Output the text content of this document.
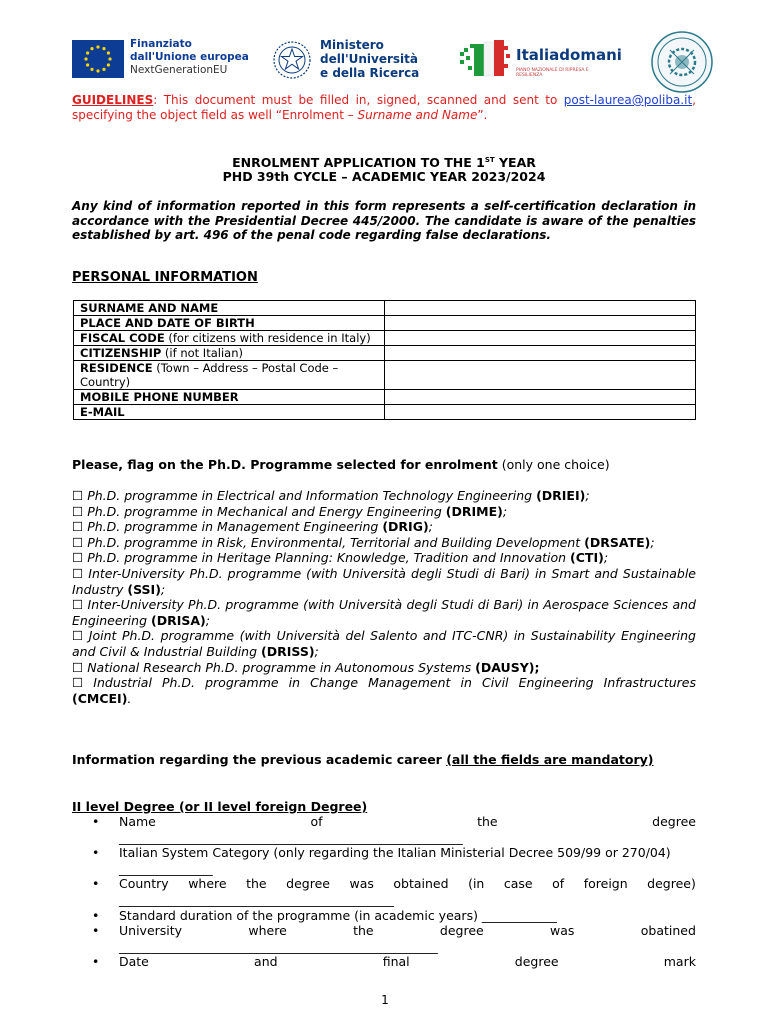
Finanziato
dall'Unione europea
NextGenerationEU
Ministero
dell'Università
e della Ricerca
Italiadomani
PIANO NAZIONALE DI RIPRESA E RESILIENZA
GUIDELINES: This document must be filled in, signed, scanned and sent to post-laurea@poliba.it, specifying the object field as well “Enrolment – Surname and Name”.
ENROLMENT APPLICATION TO THE 1ST YEAR
PHD 39th CYCLE – ACADEMIC YEAR 2023/2024
Any kind of information reported in this form represents a self-certification declaration in accordance with the Presidential Decree 445/2000. The candidate is aware of the penalties established by art. 496 of the penal code regarding false declarations.
PERSONAL INFORMATION
SURNAME AND NAME	
PLACE AND DATE OF BIRTH	
FISCAL CODE (for citizens with residence in Italy)	
CITIZENSHIP (if not Italian)	
RESIDENCE (Town – Address – Postal Code – Country)	
MOBILE PHONE NUMBER	
E-MAIL	
Please, flag on the Ph.D. Programme selected for enrolment (only one choice)
☐ Ph.D. programme in Electrical and Information Technology Engineering (DRIEI);
☐ Ph.D. programme in Mechanical and Energy Engineering (DRIME);
☐ Ph.D. programme in Management Engineering (DRIG);
☐ Ph.D. programme in Risk, Environmental, Territorial and Building Development (DRSATE);
☐ Ph.D. programme in Heritage Planning: Knowledge, Tradition and Innovation (CTI);
☐ Inter-University Ph.D. programme (with Università degli Studi di Bari) in Smart and Sustainable Industry (SSI);
☐ Inter-University Ph.D. programme (with Università degli Studi di Bari) in Aerospace Sciences and Engineering (DRISA);
☐ Joint Ph.D. programme (with Università del Salento and ITC-CNR) in Sustainability Engineering and Civil & Industrial Building (DRISS);
☐ National Research Ph.D. programme in Autonomous Systems (DAUSY);
☐ Industrial Ph.D. programme in Change Management in Civil Engineering Infrastructures (CMCEI).
Information regarding the previous academic career (all the fields are mandatory)
II level Degree (or II level foreign Degree)
• Name	of	the	degree
_______________________________________________________
• Italian System Category (only regarding the Italian Ministerial Decree 509/99 or 270/04) _______________
• Country where the degree was obtained (in case of foreign degree)
____________________________________________
• Standard duration of the programme (in academic years) ____________
• University	where	the	degree	was	obatined
___________________________________________________
• Date	and	final	degree	mark
1
